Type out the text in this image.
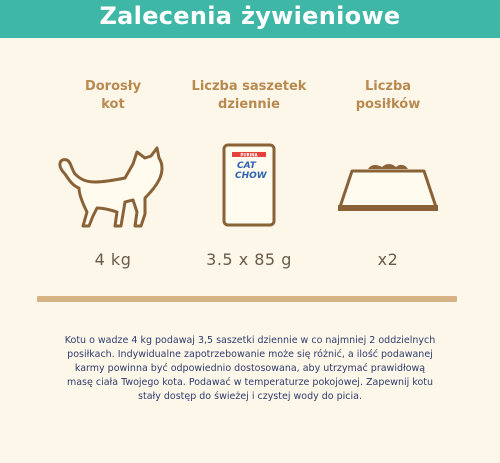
Zalecenia żywieniowe
Dorosły
kot
4 kg
Liczba saszetek
dziennie
PURINA
CAT
CHOW
3.5 x 85 g
Liczba
posiłków
x2
Kotu o wadze 4 kg podawaj 3,5 saszetki dziennie w co najmniej 2 oddzielnych
posiłkach. Indywidualne zapotrzebowanie może się różnić, a ilość podawanej
karmy powinna być odpowiednio dostosowana, aby utrzymać prawidłową
masę ciała Twojego kota. Podawać w temperaturze pokojowej. Zapewnij kotu
stały dostęp do świeżej i czystej wody do picia.
